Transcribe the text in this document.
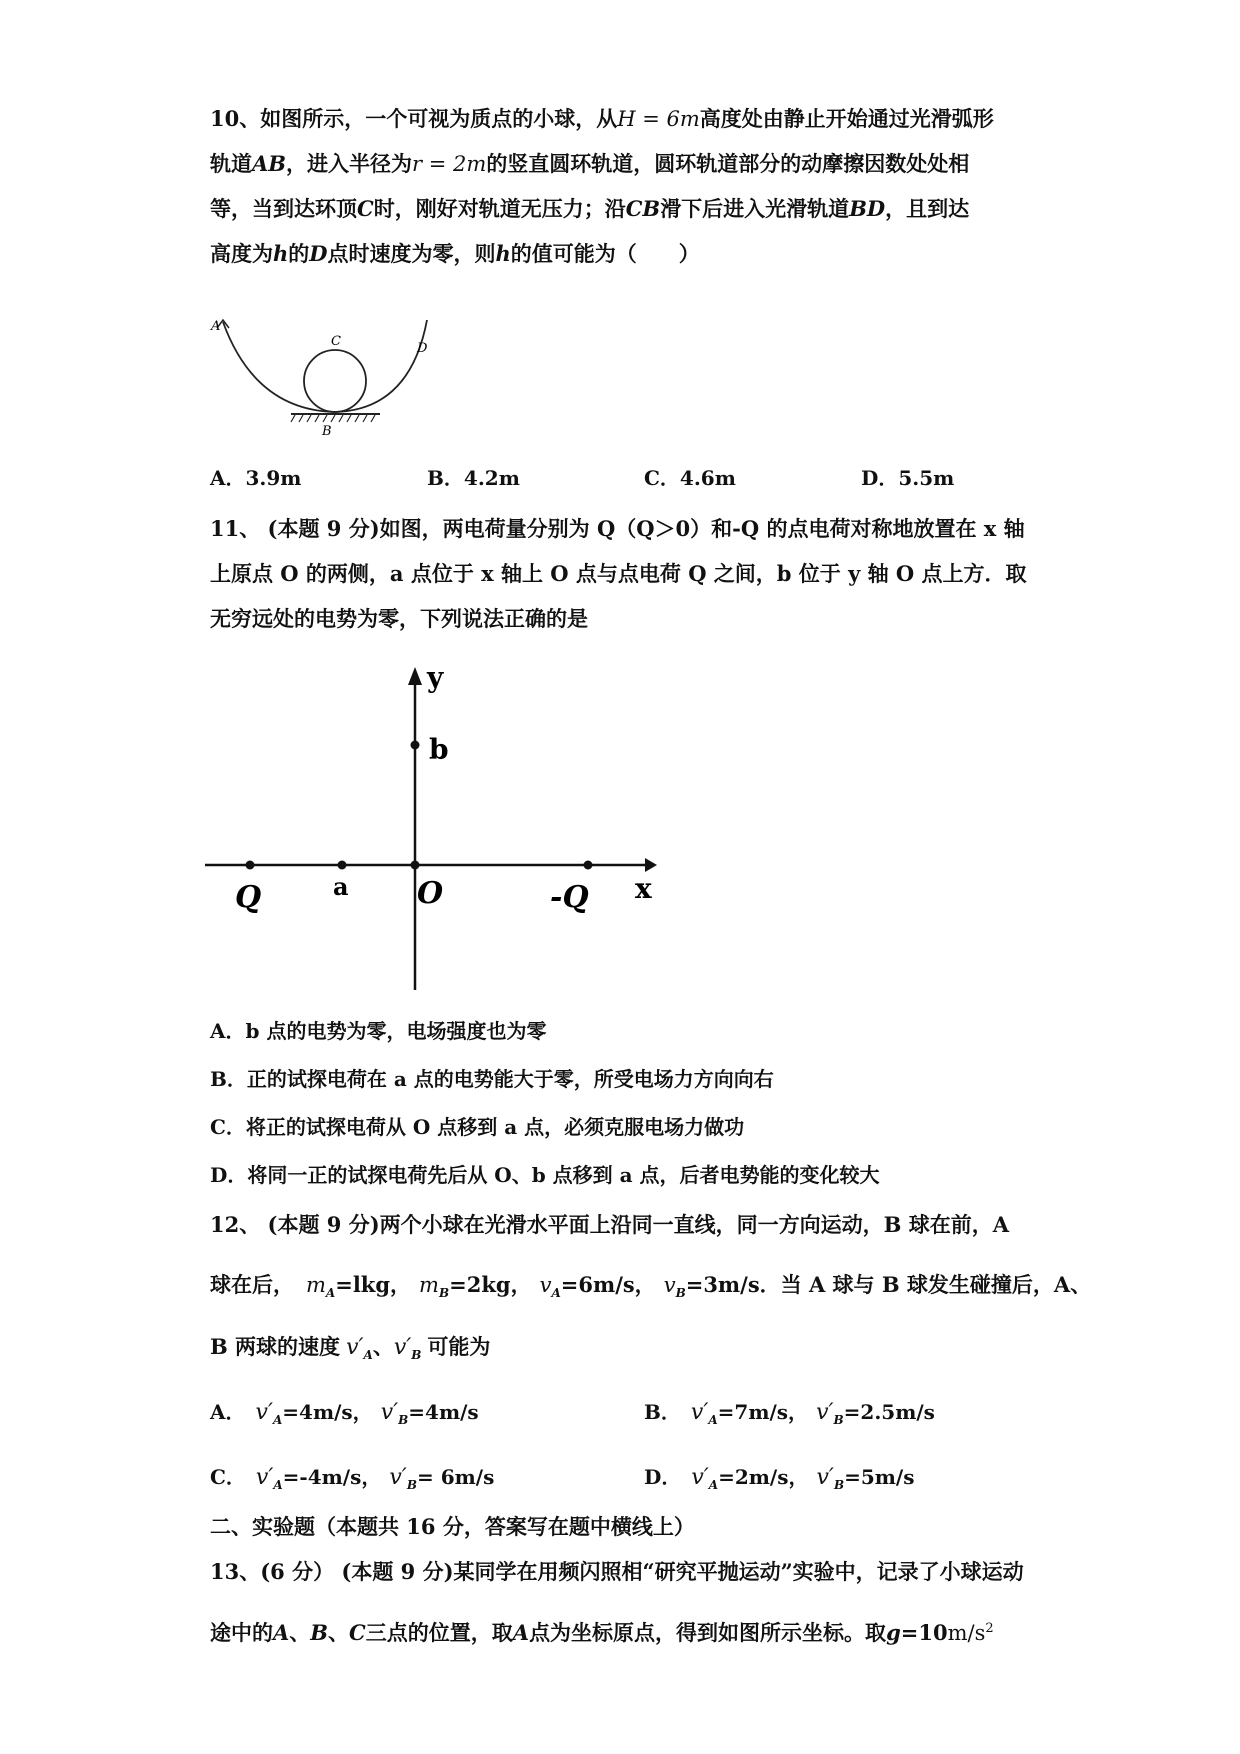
10、如图所示，一个可视为质点的小球，从H = 6m高度处由静止开始通过光滑弧形
轨道AB，进入半径为r = 2m的竖直圆环轨道，圆环轨道部分的动摩擦因数处处相
等，当到达环顶C时，刚好对轨道无压力；沿CB滑下后进入光滑轨道BD，且到达
高度为h的D点时速度为零，则h的值可能为（　　）
A
C	D
B
A．3.9m	B．4.2m	C．4.6m	D．5.5m
11、 (本题 9 分)如图，两电荷量分别为 Q（Q＞0）和-Q 的点电荷对称地放置在 x 轴
上原点 O 的两侧，a 点位于 x 轴上 O 点与点电荷 Q 之间，b 位于 y 轴 O 点上方．取
无穷远处的电势为零，下列说法正确的是
y
b
Q	a O	-Q x
A．b 点的电势为零，电场强度也为零
B．正的试探电荷在 a 点的电势能大于零，所受电场力方向向右
C．将正的试探电荷从 O 点移到 a 点，必须克服电场力做功
D．将同一正的试探电荷先后从 O、b 点移到 a 点，后者电势能的变化较大
12、 (本题 9 分)两个小球在光滑水平面上沿同一直线，同一方向运动，B 球在前，A
球在后， $m_A=lkg$， $m_B=2kg$， $v_A=6m/s$， $v_B=3m/s$．当 A 球与 B 球发生碰撞后，A、
B 两球的速度 $v'_A$、$v'_B$ 可能为
A． $v'_A=4m/s$， $v'_B=4m/s$	B． $v'_A=7m/s$， $v'_B=2.5m/s$
C． $v'_A=-4m/s$， $v'_B= 6m/s$	D． $v'_A=2m/s$， $v'_B=5m/s$
二、实验题（本题共 16 分，答案写在题中横线上）
13、(6 分） (本题 9 分)某同学在用频闪照相“研究平抛运动”实验中，记录了小球运动
途中的A、B、C三点的位置，取A点为坐标原点，得到如图所示坐标。取$g=10m/s^2$
